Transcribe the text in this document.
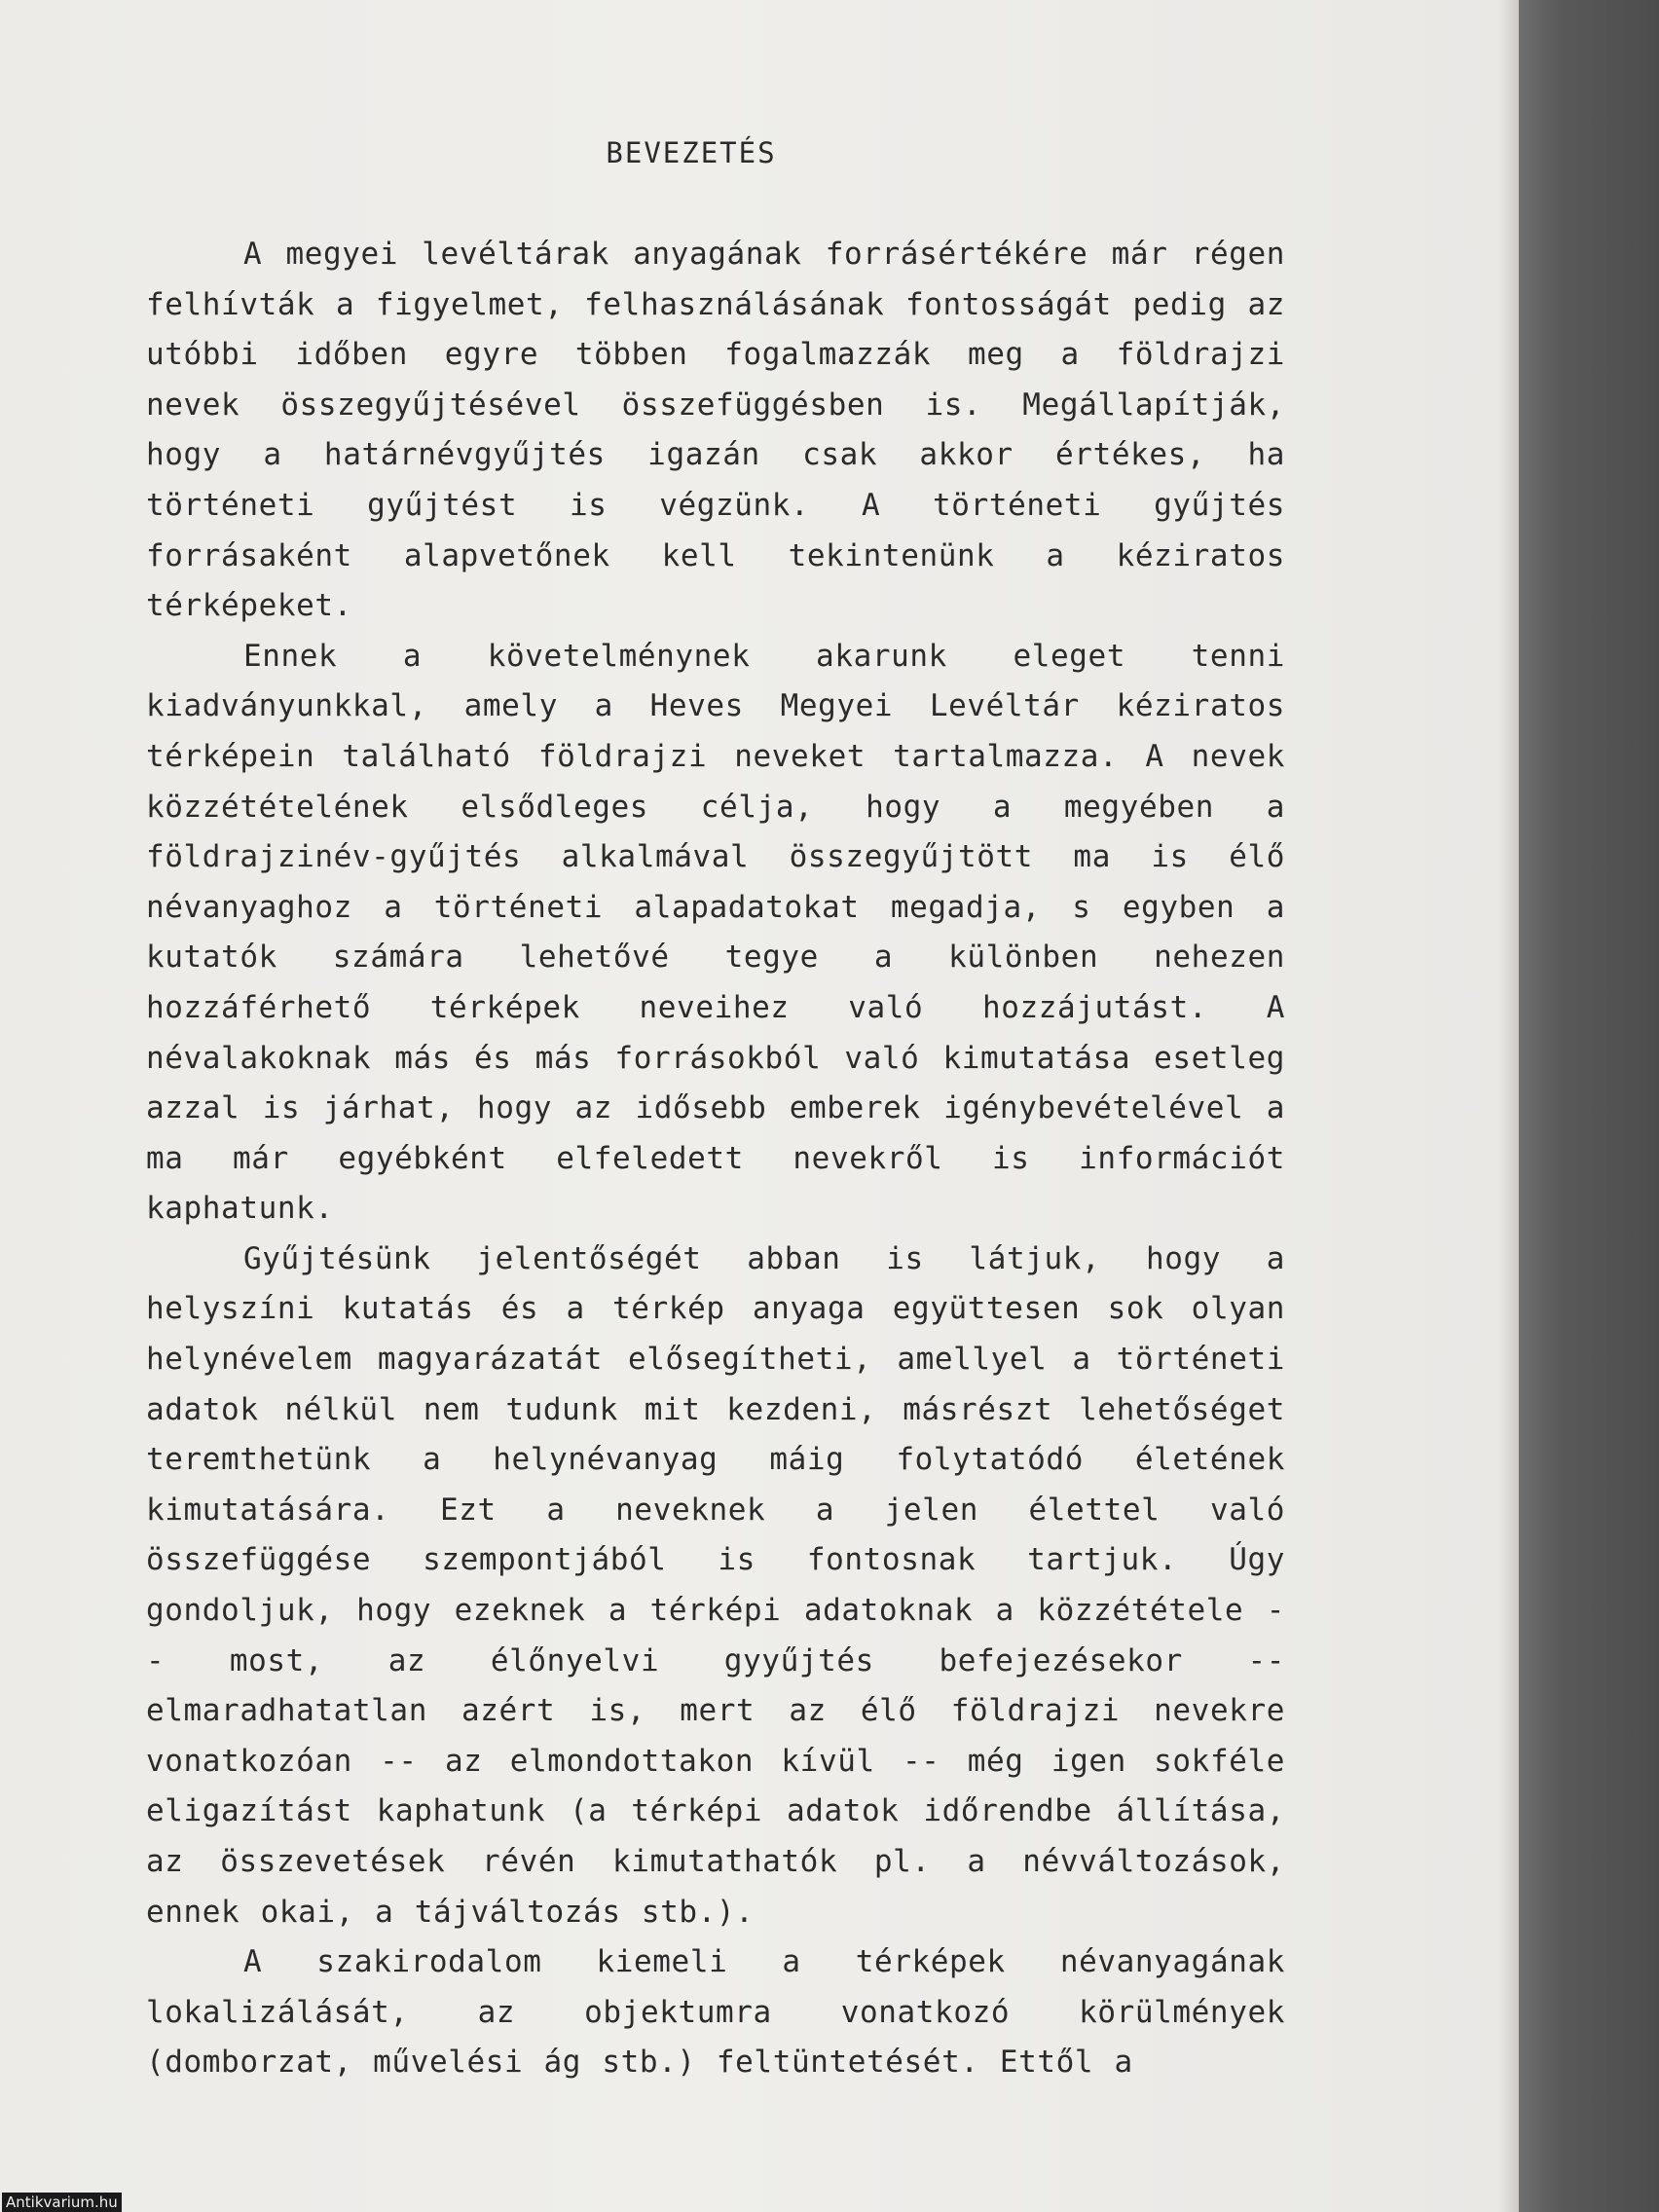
BEVEZETÉS

A megyei levéltárak anyagának forrásértékére már régen felhívták a figyelmet, felhasználásának fontosságát pedig az utóbbi időben egyre többen fogalmazzák meg a földrajzi nevek összegyűjtésével összefüggésben is. Megállapítják, hogy a határnévgyűjtés igazán csak akkor értékes, ha történeti gyűjtést is végzünk. A történeti gyűjtés forrásaként alapvetőnek kell tekintenünk a kéziratos térképeket.

Ennek a követelménynek akarunk eleget tenni kiadványunkkal, amely a Heves Megyei Levéltár kéziratos térképein található földrajzi neveket tartalmazza. A nevek közzétételének elsődleges célja, hogy a megyében a földrajzinév-gyűjtés alkalmával összegyűjtött ma is élő névanyaghoz a történeti alapadatokat megadja, s egyben a kutatók számára lehetővé tegye a különben nehezen hozzáférhető térképek neveihez való hozzájutást. A névalakoknak más és más forrásokból való kimutatása esetleg azzal is járhat, hogy az idősebb emberek igénybevételével a ma már egyébként elfeledett nevekről is információt kaphatunk.

Gyűjtésünk jelentőségét abban is látjuk, hogy a helyszíni kutatás és a térkép anyaga együttesen sok olyan helynévelem magyarázatát elősegítheti, amellyel a történeti adatok nélkül nem tudunk mit kezdeni, másrészt lehetőséget teremthetünk a helynévanyag máig folytatódó életének kimutatására. Ezt a neveknek a jelen élettel való összefüggése szempontjából is fontosnak tartjuk. Úgy gondoljuk, hogy ezeknek a térképi adatoknak a közzététele -- most, az élőnyelvi gyyűjtés befejezésekor -- elmaradhatatlan azért is, mert az élő földrajzi nevekre vonatkozóan -- az elmondottakon kívül -- még igen sokféle eligazítást kaphatunk (a térképi adatok időrendbe állítása, az összevetések révén kimutathatók pl. a névváltozások, ennek okai, a tájváltozás stb.).

A szakirodalom kiemeli a térképek névanyagának lokalizálását, az objektumra vonatkozó körülmények (domborzat, művelési ág stb.) feltüntetését. Ettől a

Antikvarium.hu
